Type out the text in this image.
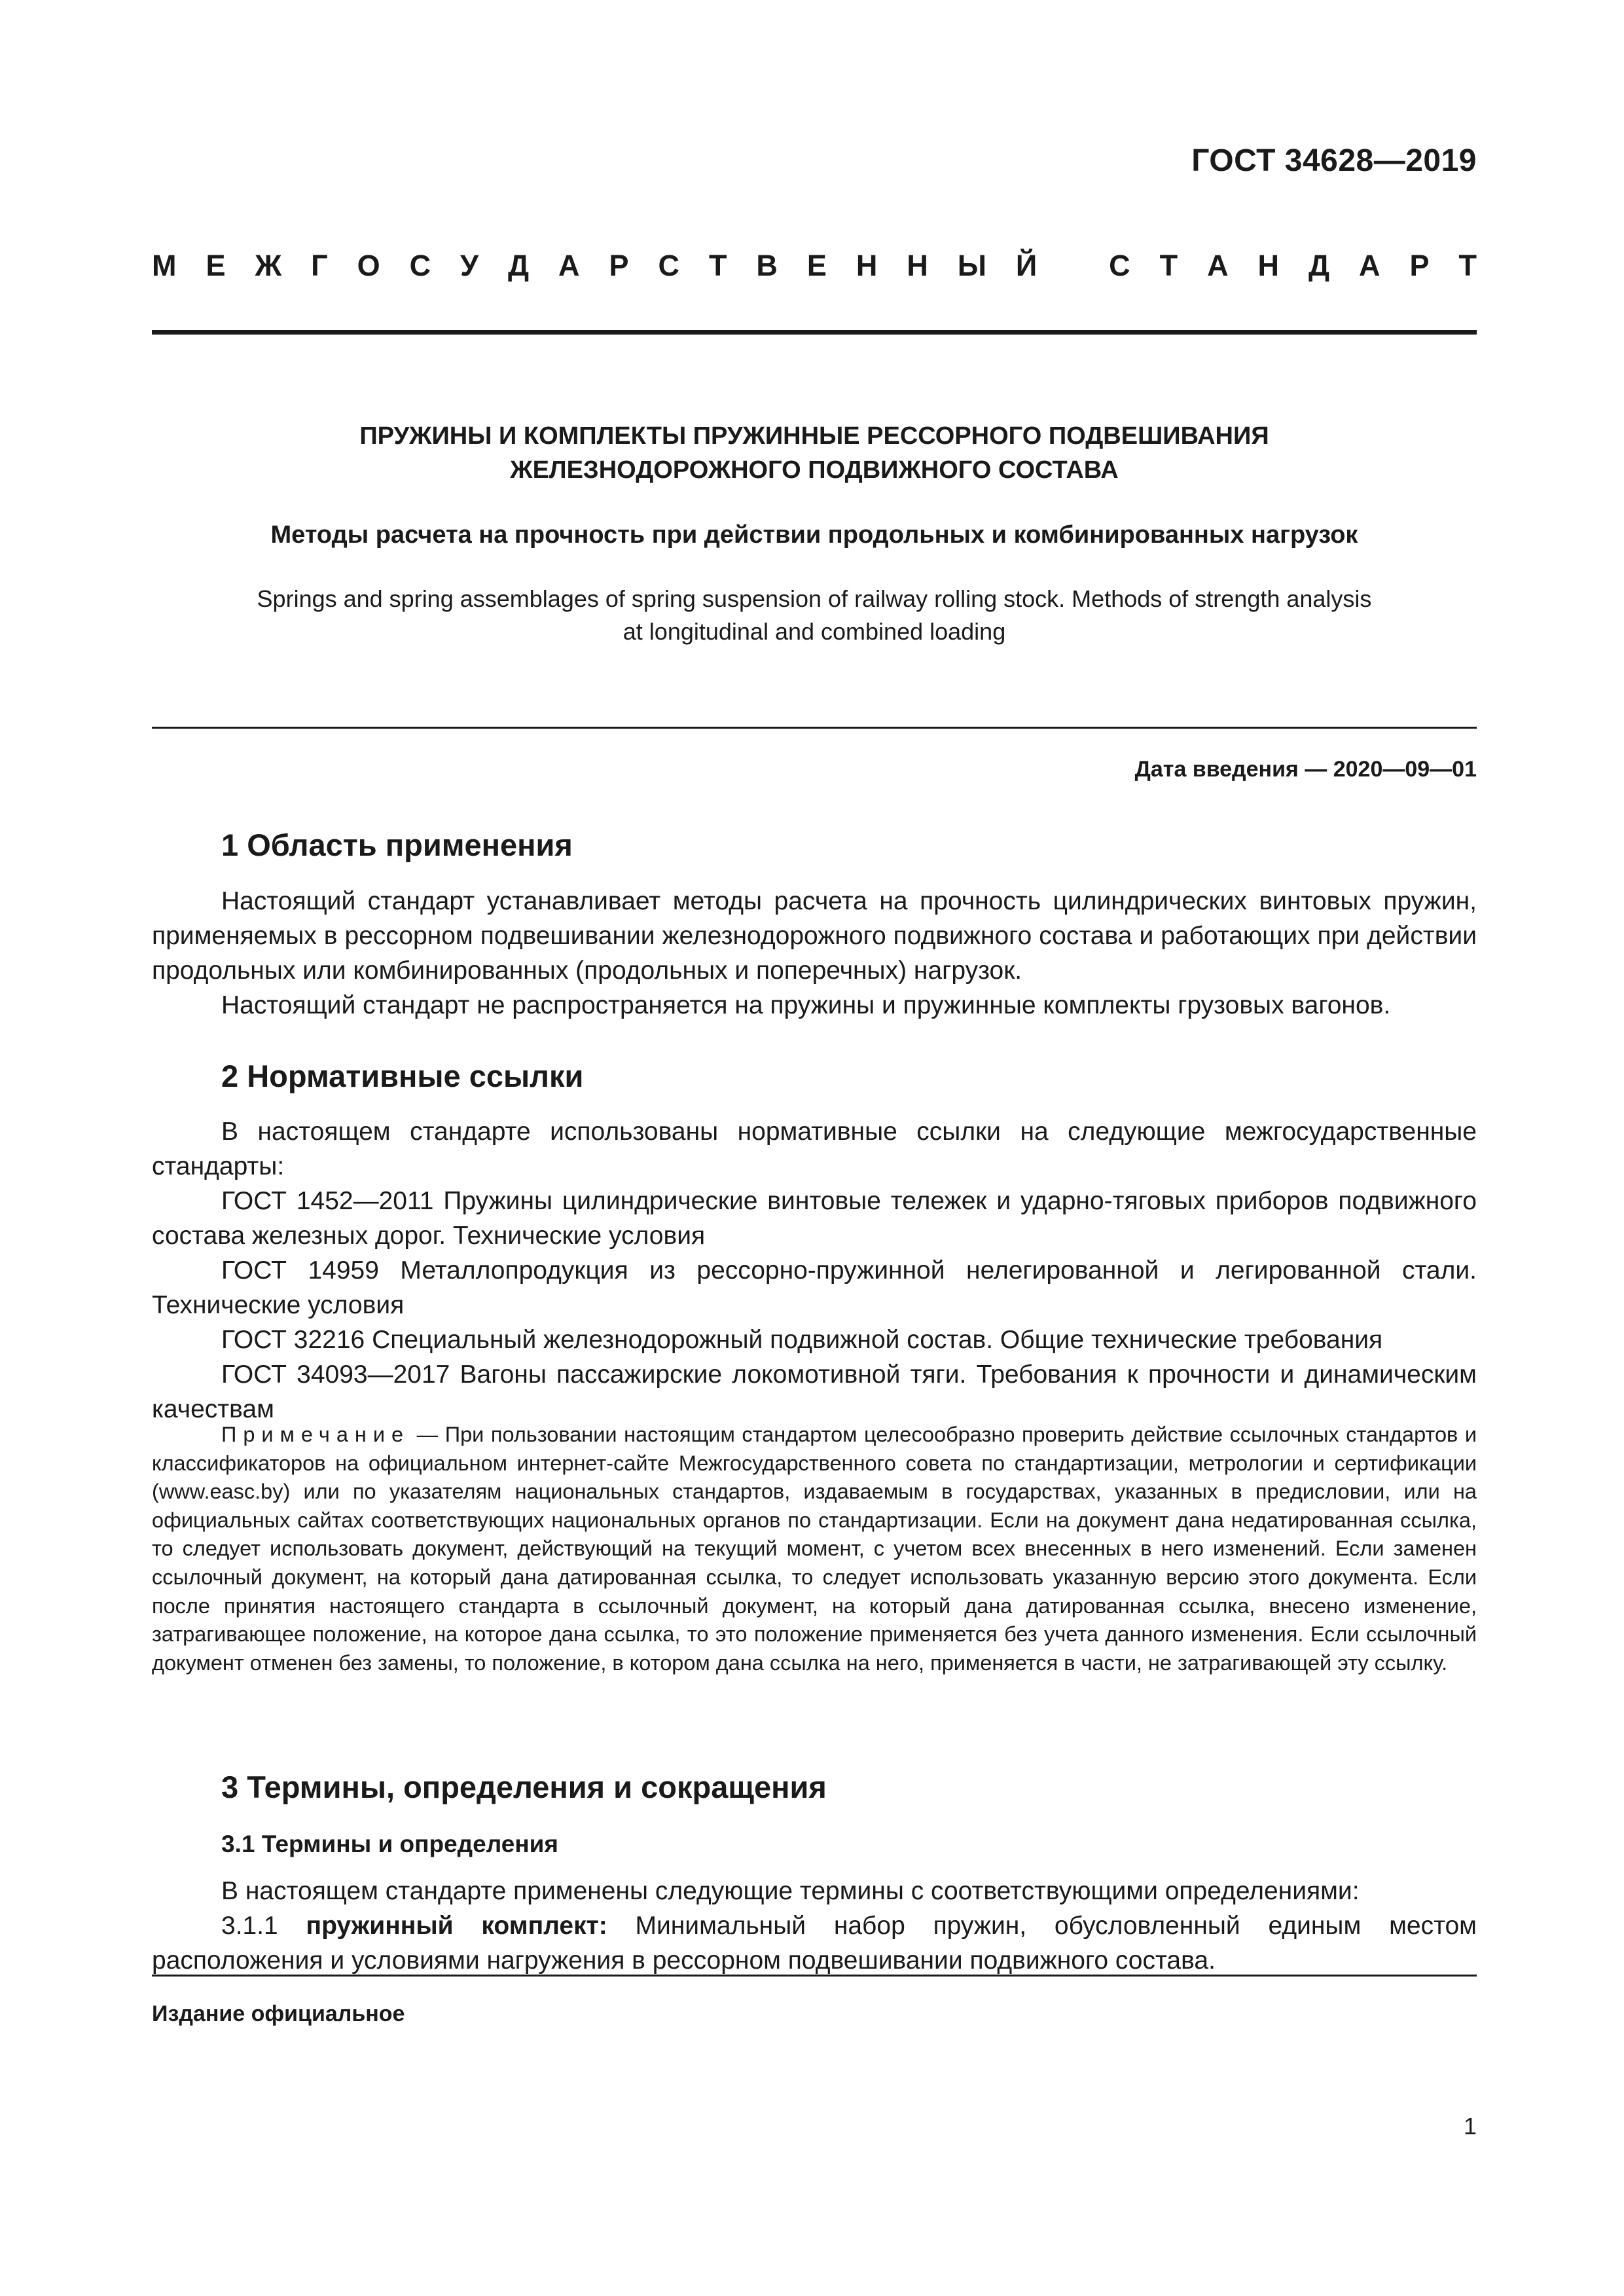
ГОСТ 34628—2019
М Е Ж Г О С У Д А Р С Т В Е Н Н Ы Й С Т А Н Д А Р Т
ПРУЖИНЫ И КОМПЛЕКТЫ ПРУЖИННЫЕ РЕССОРНОГО ПОДВЕШИВАНИЯ
ЖЕЛЕЗНОДОРОЖНОГО ПОДВИЖНОГО СОСТАВА
Методы расчета на прочность при действии продольных и комбинированных нагрузок
Springs and spring assemblages of spring suspension of railway rolling stock. Methods of strength analysis
at longitudinal and combined loading
Дата введения — 2020—09—01
1 Область применения

Настоящий стандарт устанавливает методы расчета на прочность цилиндрических винтовых пружин, применяемых в рессорном подвешивании железнодорожного подвижного состава и работающих при действии продольных или комбинированных (продольных и поперечных) нагрузок.

Настоящий стандарт не распространяется на пружины и пружинные комплекты грузовых вагонов.

2 Нормативные ссылки

В настоящем стандарте использованы нормативные ссылки на следующие межгосударственные стандарты:

ГОСТ 1452—2011 Пружины цилиндрические винтовые тележек и ударно-тяговых приборов подвижного состава железных дорог. Технические условия

ГОСТ 14959 Металлопродукция из рессорно-пружинной нелегированной и легированной стали. Технические условия

ГОСТ 32216 Специальный железнодорожный подвижной состав. Общие технические требования

ГОСТ 34093—2017 Вагоны пассажирские локомотивной тяги. Требования к прочности и динамическим качествам

Примечание — При пользовании настоящим стандартом целесообразно проверить действие ссылочных стандартов и классификаторов на официальном интернет-сайте Межгосударственного совета по стандартизации, метрологии и сертификации (www.easc.by) или по указателям национальных стандартов, издаваемым в государствах, указанных в предисловии, или на официальных сайтах соответствующих национальных органов по стандартизации. Если на документ дана недатированная ссылка, то следует использовать документ, действующий на текущий момент, с учетом всех внесенных в него изменений. Если заменен ссылочный документ, на который дана датированная ссылка, то следует использовать указанную версию этого документа. Если после принятия настоящего стандарта в ссылочный документ, на который дана датированная ссылка, внесено изменение, затрагивающее положение, на которое дана ссылка, то это положение применяется без учета данного изменения. Если ссылочный документ отменен без замены, то положение, в котором дана ссылка на него, применяется в части, не затрагивающей эту ссылку.

3 Термины, определения и сокращения
3.1 Термины и определения

В настоящем стандарте применены следующие термины с соответствующими определениями:

3.1.1 пружинный комплект: Минимальный набор пружин, обусловленный единым местом расположения и условиями нагружения в рессорном подвешивании подвижного состава.

Издание официальное
1
